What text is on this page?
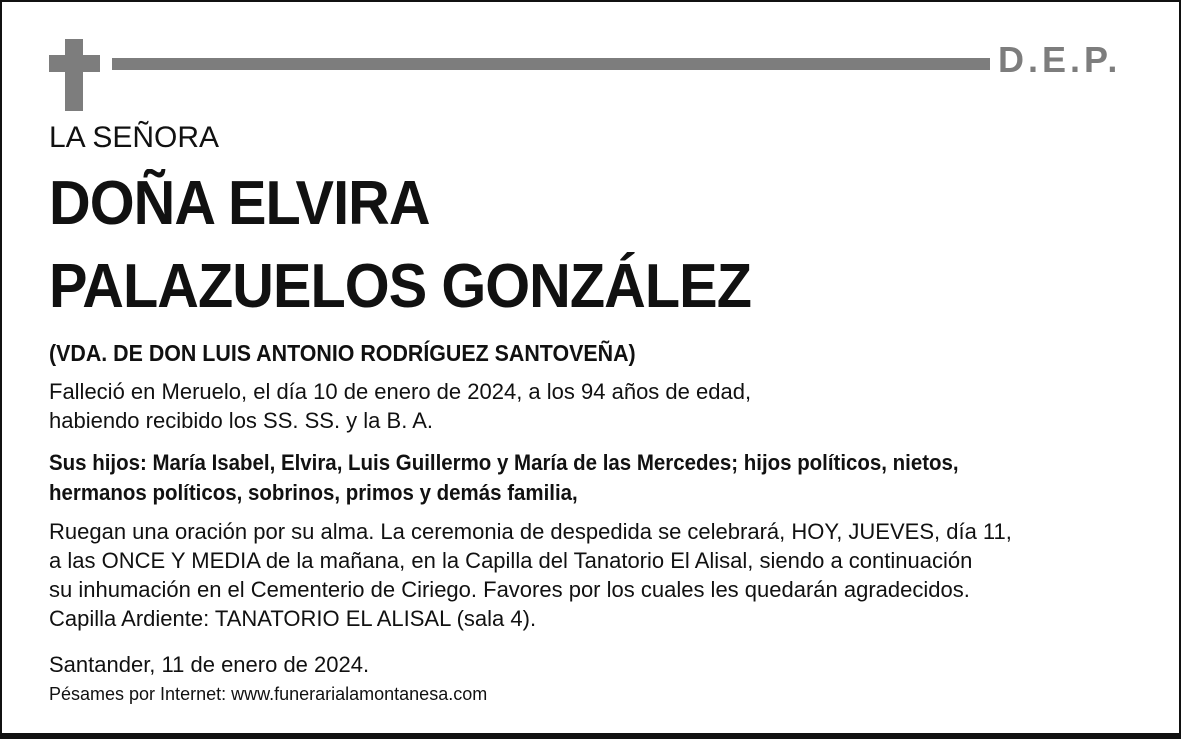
D.E.P.
LA SEÑORA
DOÑA ELVIRA
PALAZUELOS GONZÁLEZ
(VDA. DE DON LUIS ANTONIO RODRÍGUEZ SANTOVEÑA)
Falleció en Meruelo, el día 10 de enero de 2024, a los 94 años de edad,
habiendo recibido los SS. SS. y la B. A.
Sus hijos: María Isabel, Elvira, Luis Guillermo y María de las Mercedes; hijos políticos, nietos,
hermanos políticos, sobrinos, primos y demás familia,
Ruegan una oración por su alma. La ceremonia de despedida se celebrará, HOY, JUEVES, día 11,
a las ONCE Y MEDIA de la mañana, en la Capilla del Tanatorio El Alisal, siendo a continuación
su inhumación en el Cementerio de Ciriego. Favores por los cuales les quedarán agradecidos.
Capilla Ardiente: TANATORIO EL ALISAL (sala 4).
Santander, 11 de enero de 2024.
Pésames por Internet: www.funerarialamontanesa.com
